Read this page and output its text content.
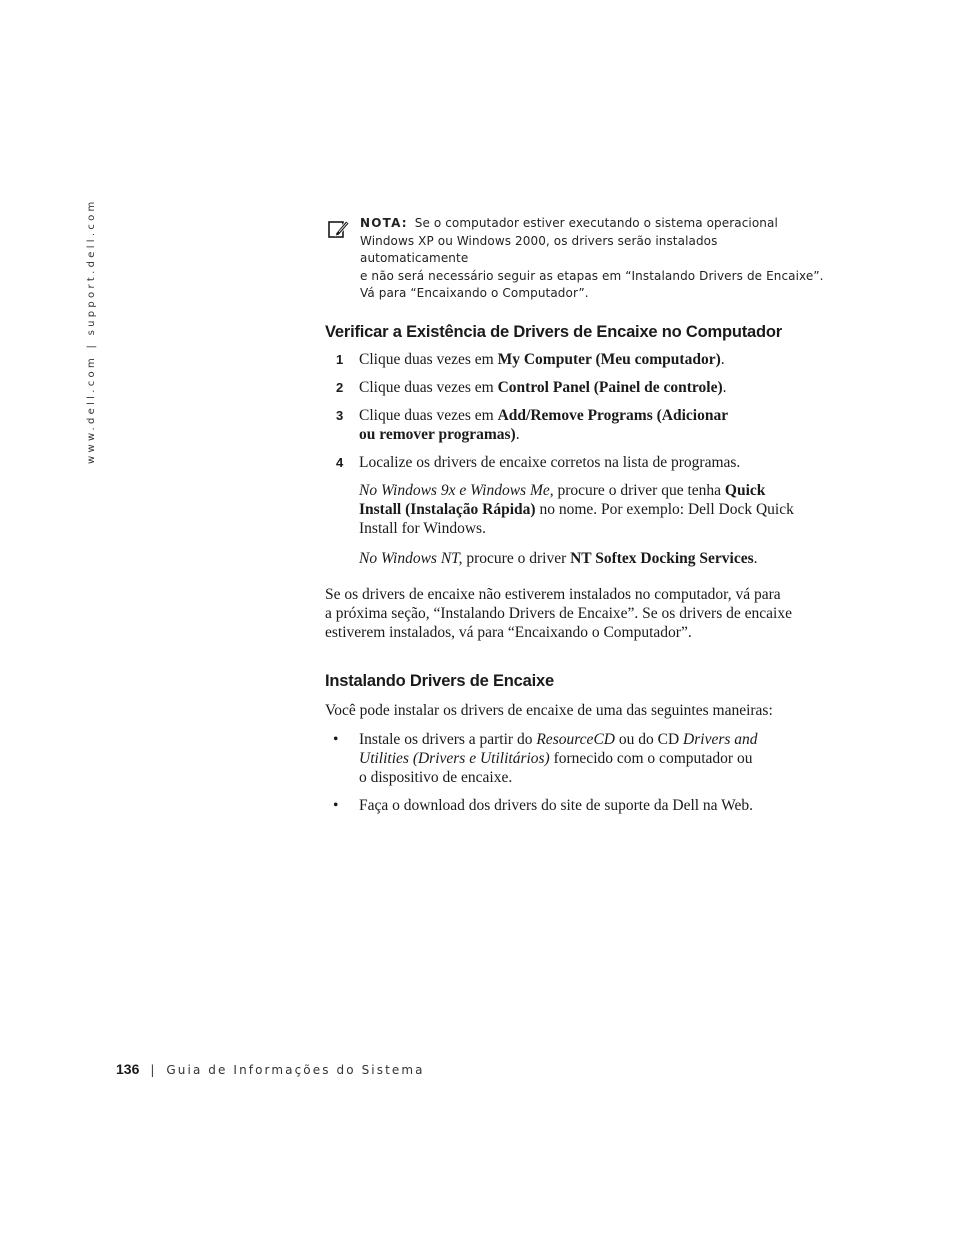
www.dell.com | support.dell.com	NOTA: Se o computador estiver executando o sistema operacional
Windows XP ou Windows 2000, os drivers serão instalados automaticamente
e não será necessário seguir as etapas em “Instalando Drivers de Encaixe”.
Vá para “Encaixando o Computador”.
Verificar a Existência de Drivers de Encaixe no Computador
1 Clique duas vezes em My Computer (Meu computador).
2 Clique duas vezes em Control Panel (Painel de controle).
3 Clique duas vezes em Add/Remove Programs (Adicionar
ou remover programas).
4 Localize os drivers de encaixe corretos na lista de programas.
No Windows 9x e Windows Me, procure o driver que tenha Quick
Install (Instalação Rápida) no nome. Por exemplo: Dell Dock Quick
Install for Windows.
No Windows NT, procure o driver NT Softex Docking Services.
Se os drivers de encaixe não estiverem instalados no computador, vá para
a próxima seção, “Instalando Drivers de Encaixe”. Se os drivers de encaixe
estiverem instalados, vá para “Encaixando o Computador”.
Instalando Drivers de Encaixe
Você pode instalar os drivers de encaixe de uma das seguintes maneiras:
• Instale os drivers a partir do ResourceCD ou do CD Drivers and
Utilities (Drivers e Utilitários) fornecido com o computador ou
o dispositivo de encaixe.
• Faça o download dos drivers do site de suporte da Dell na Web.
136 | Guia de Informações do Sistema
